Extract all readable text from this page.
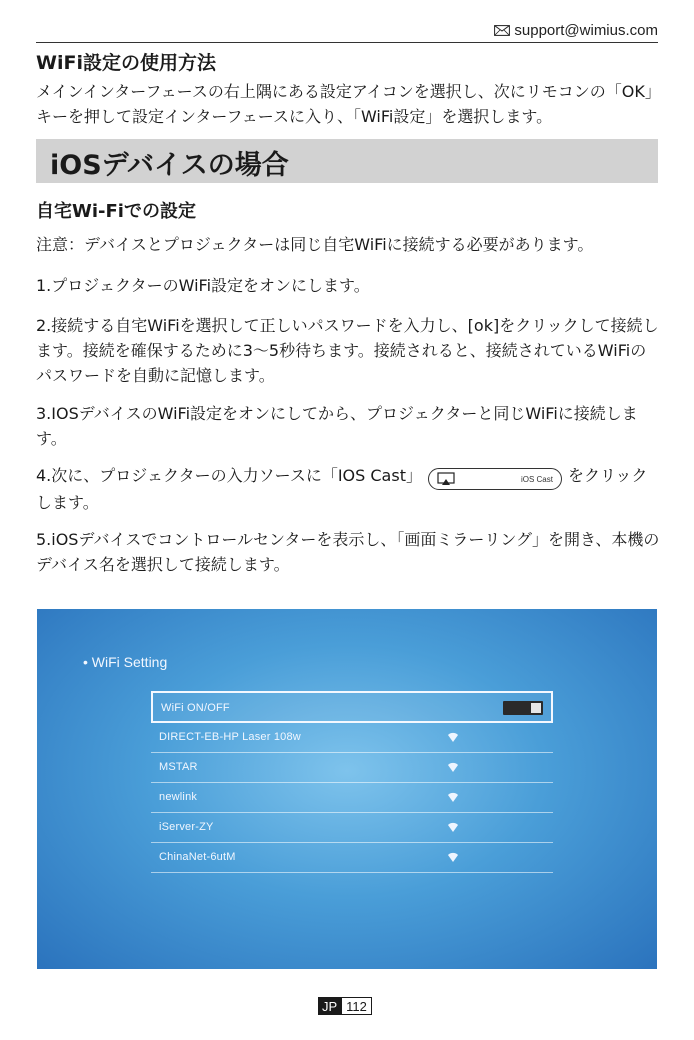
support@wimius.com
WiFi設定の使用方法

メインインターフェースの右上隅にある設定アイコンを選択し、次にリモコンの「OK」キーを押して設定インターフェースに入り、「WiFi設定」を選択します。

iOSデバイスの場合
自宅Wi-Fiでの設定

注意：デバイスとプロジェクターは同じ自宅WiFiに接続する必要があります。

1.プロジェクターのWiFi設定をオンにします。

2.接続する自宅WiFiを選択して正しいパスワードを入力し、[ok]をクリックして接続します。接続を確保するために3〜5秒待ちます。接続されると、接続されているWiFiのパスワードを自動に記憶します。

3.IOSデバイスのWiFi設定をオンにしてから、プロジェクターと同じWiFiに接続します。

4.次に、プロジェクターの入力ソースに「IOS Cast」	iOS Cast をクリックします。

5.iOSデバイスでコントロールセンターを表示し、「画面ミラーリング」を開き、本機のデバイス名を選択して接続します。

• WiFi Setting
WiFi ON/OFF
DIRECT-EB-HP Laser 108w
MSTAR
newlink
iServer-ZY
ChinaNet-6utM
JP 112
